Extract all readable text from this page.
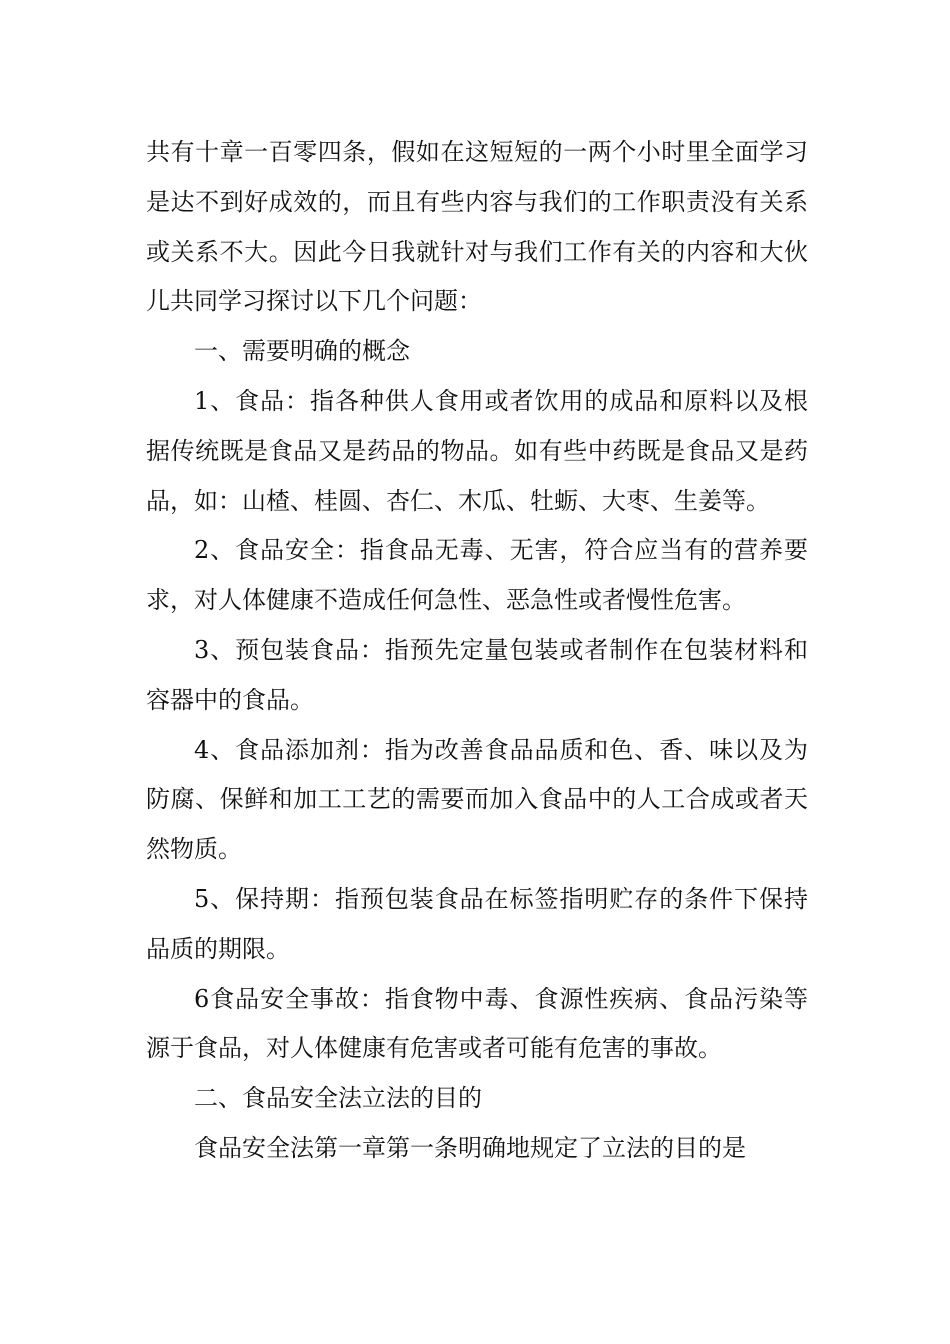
共有十章一百零四条，假如在这短短的一两个小时里全面学习是达不到好成效的，而且有些内容与我们的工作职责没有关系或关系不大。因此今日我就针对与我们工作有关的内容和大伙儿共同学习探讨以下几个问题：

一、需要明确的概念

1、食品：指各种供人食用或者饮用的成品和原料以及根据传统既是食品又是药品的物品。如有些中药既是食品又是药品，如：山楂、桂圆、杏仁、木瓜、牡蛎、大枣、生姜等。

2、食品安全：指食品无毒、无害，符合应当有的营养要求，对人体健康不造成任何急性、恶急性或者慢性危害。

3、预包装食品：指预先定量包装或者制作在包装材料和容器中的食品。

4、食品添加剂：指为改善食品品质和色、香、味以及为防腐、保鲜和加工工艺的需要而加入食品中的人工合成或者天然物质。

5、保持期：指预包装食品在标签指明贮存的条件下保持品质的期限。

6食品安全事故：指食物中毒、食源性疾病、食品污染等源于食品，对人体健康有危害或者可能有危害的事故。

二、食品安全法立法的目的

食品安全法第一章第一条明确地规定了立法的目的是
